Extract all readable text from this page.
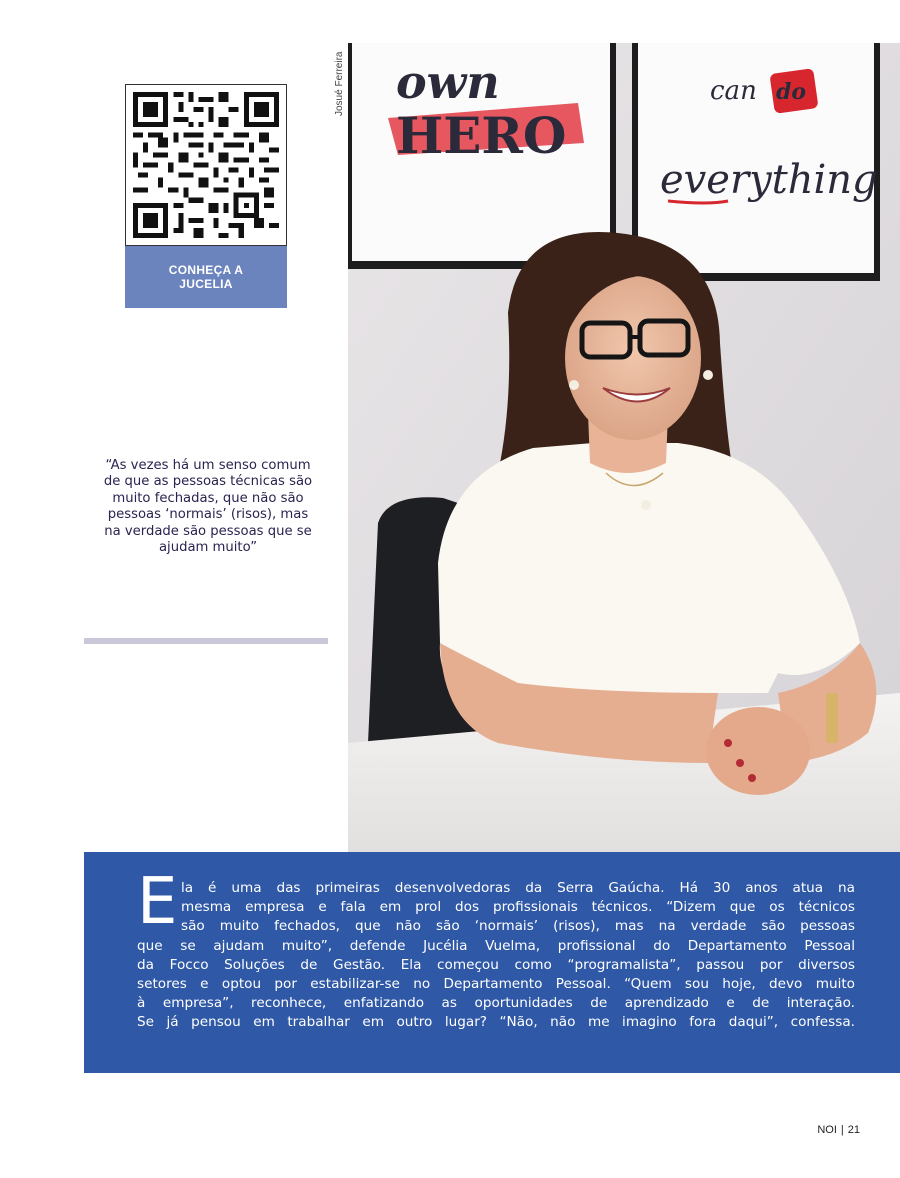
CONHEÇA A
JUCELIA
Josué Ferreira own
HERO
can do
everything
“As vezes há um senso comum de que as pessoas técnicas são muito fechadas, que não são pessoas ‘normais’ (risos), mas na verdade são pessoas que se ajudam muito”
E la é uma das primeiras desenvolvedoras da Serra Gaúcha. Há 30 anos atua na
mesma empresa e fala em prol dos profissionais técnicos. “Dizem que os técnicos
são muito fechados, que não são ‘normais’ (risos), mas na verdade são pessoas
que se ajudam muito”, defende Jucélia Vuelma, profissional do Departamento Pessoal
da Focco Soluções de Gestão. Ela começou como “programalista”, passou por diversos
setores e optou por estabilizar-se no Departamento Pessoal. “Quem sou hoje, devo muito
à empresa”, reconhece, enfatizando as oportunidades de aprendizado e de interação.
Se já pensou em trabalhar em outro lugar? “Não, não me imagino fora daqui”, confessa.
NOI | 21
